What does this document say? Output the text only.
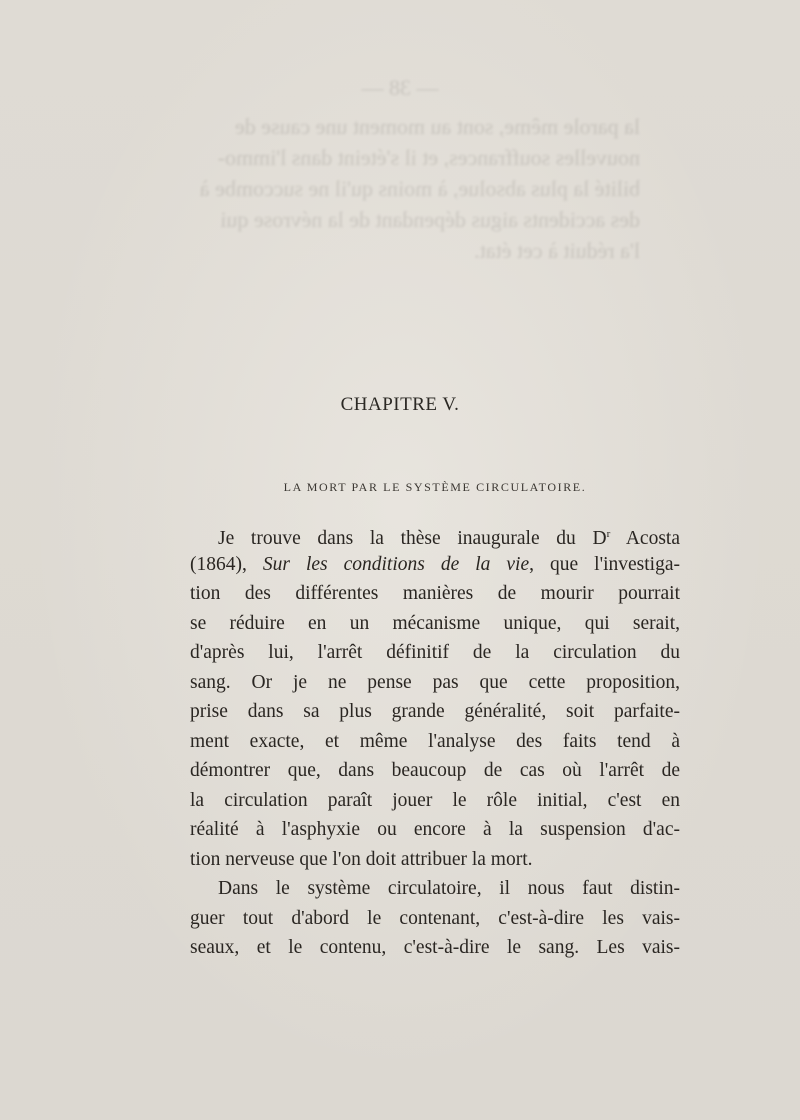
— 38 —
la parole même, sont au moment une cause de
nouvelles souffrances, et il s'éteint dans l'immo-
bilité la plus absolue, à moins qu'il ne succombe à
des accidents aigus dépendant de la névrose qui
l'a réduit à cet état.
CHAPITRE V.
LA MORT PAR LE SYSTÈME CIRCULATOIRE.
Je trouve dans la thèse inaugurale du $D^r$ Acosta
(1864), Sur les conditions de la vie, que l'investiga-
tion des différentes manières de mourir pourrait
se réduire en un mécanisme unique, qui serait,
d'après lui, l'arrêt définitif de la circulation du
sang. Or je ne pense pas que cette proposition,
prise dans sa plus grande généralité, soit parfaite-
ment exacte, et même l'analyse des faits tend à
démontrer que, dans beaucoup de cas où l'arrêt de
la circulation paraît jouer le rôle initial, c'est en
réalité à l'asphyxie ou encore à la suspension d'ac-
tion nerveuse que l'on doit attribuer la mort.
Dans le système circulatoire, il nous faut distin-
guer tout d'abord le contenant, c'est-à-dire les vais-
seaux, et le contenu, c'est-à-dire le sang. Les vais-
